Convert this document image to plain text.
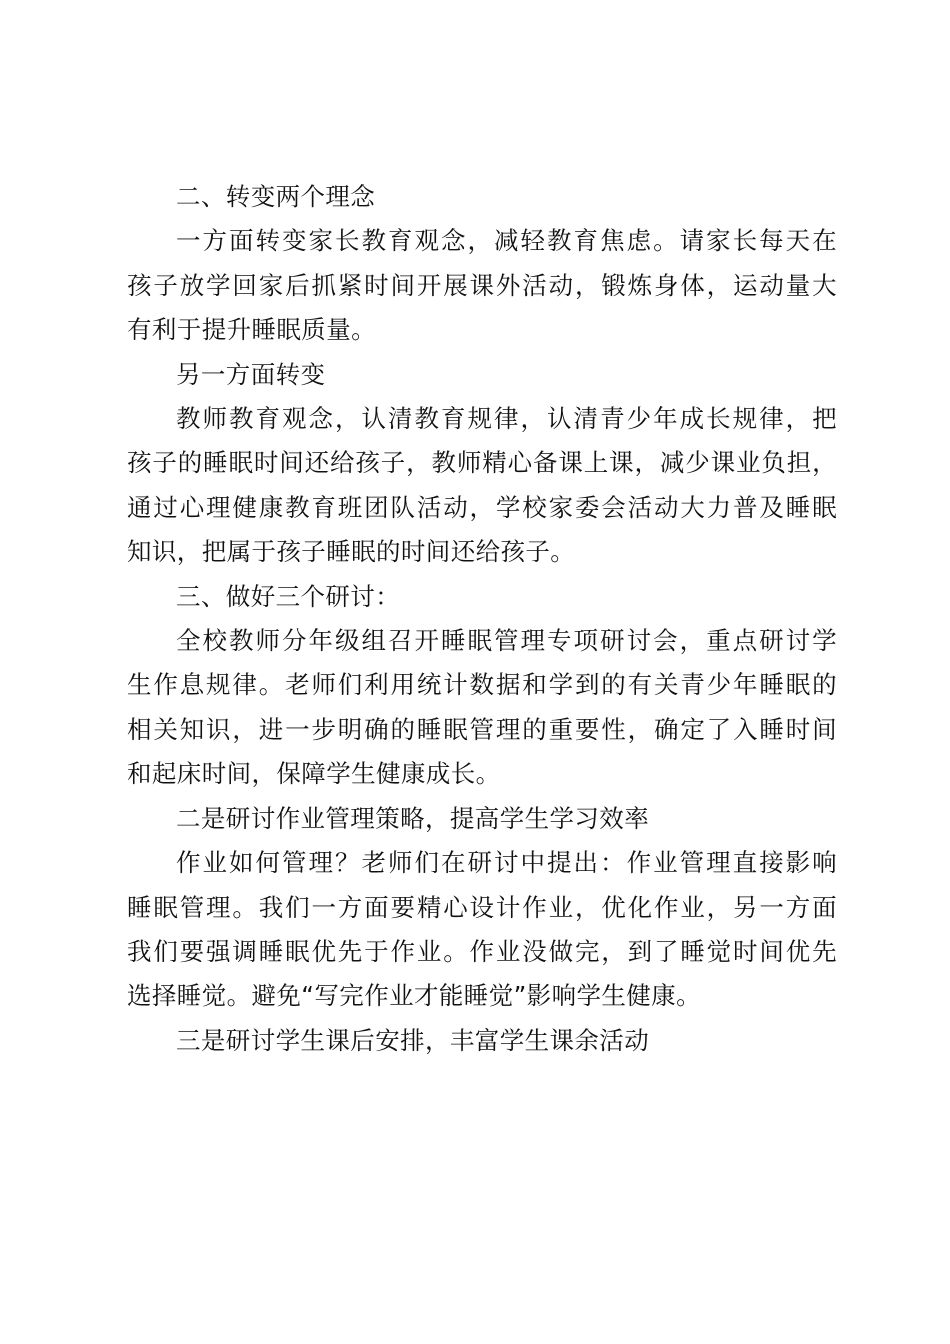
二、转变两个理念
一方面转变家长教育观念，减轻教育焦虑。请家长每天在
孩子放学回家后抓紧时间开展课外活动，锻炼身体，运动量大
有利于提升睡眠质量。
另一方面转变
教师教育观念，认清教育规律，认清青少年成长规律，把
孩子的睡眠时间还给孩子，教师精心备课上课，减少课业负担，
通过心理健康教育班团队活动，学校家委会活动大力普及睡眠
知识，把属于孩子睡眠的时间还给孩子。
三、做好三个研讨：
全校教师分年级组召开睡眠管理专项研讨会，重点研讨学
生作息规律。老师们利用统计数据和学到的有关青少年睡眠的
相关知识，进一步明确的睡眠管理的重要性，确定了入睡时间
和起床时间，保障学生健康成长。
二是研讨作业管理策略，提高学生学习效率
作业如何管理？老师们在研讨中提出：作业管理直接影响
睡眠管理。我们一方面要精心设计作业，优化作业，另一方面
我们要强调睡眠优先于作业。作业没做完，到了睡觉时间优先
选择睡觉。避免“写完作业才能睡觉”影响学生健康。
三是研讨学生课后安排，丰富学生课余活动
